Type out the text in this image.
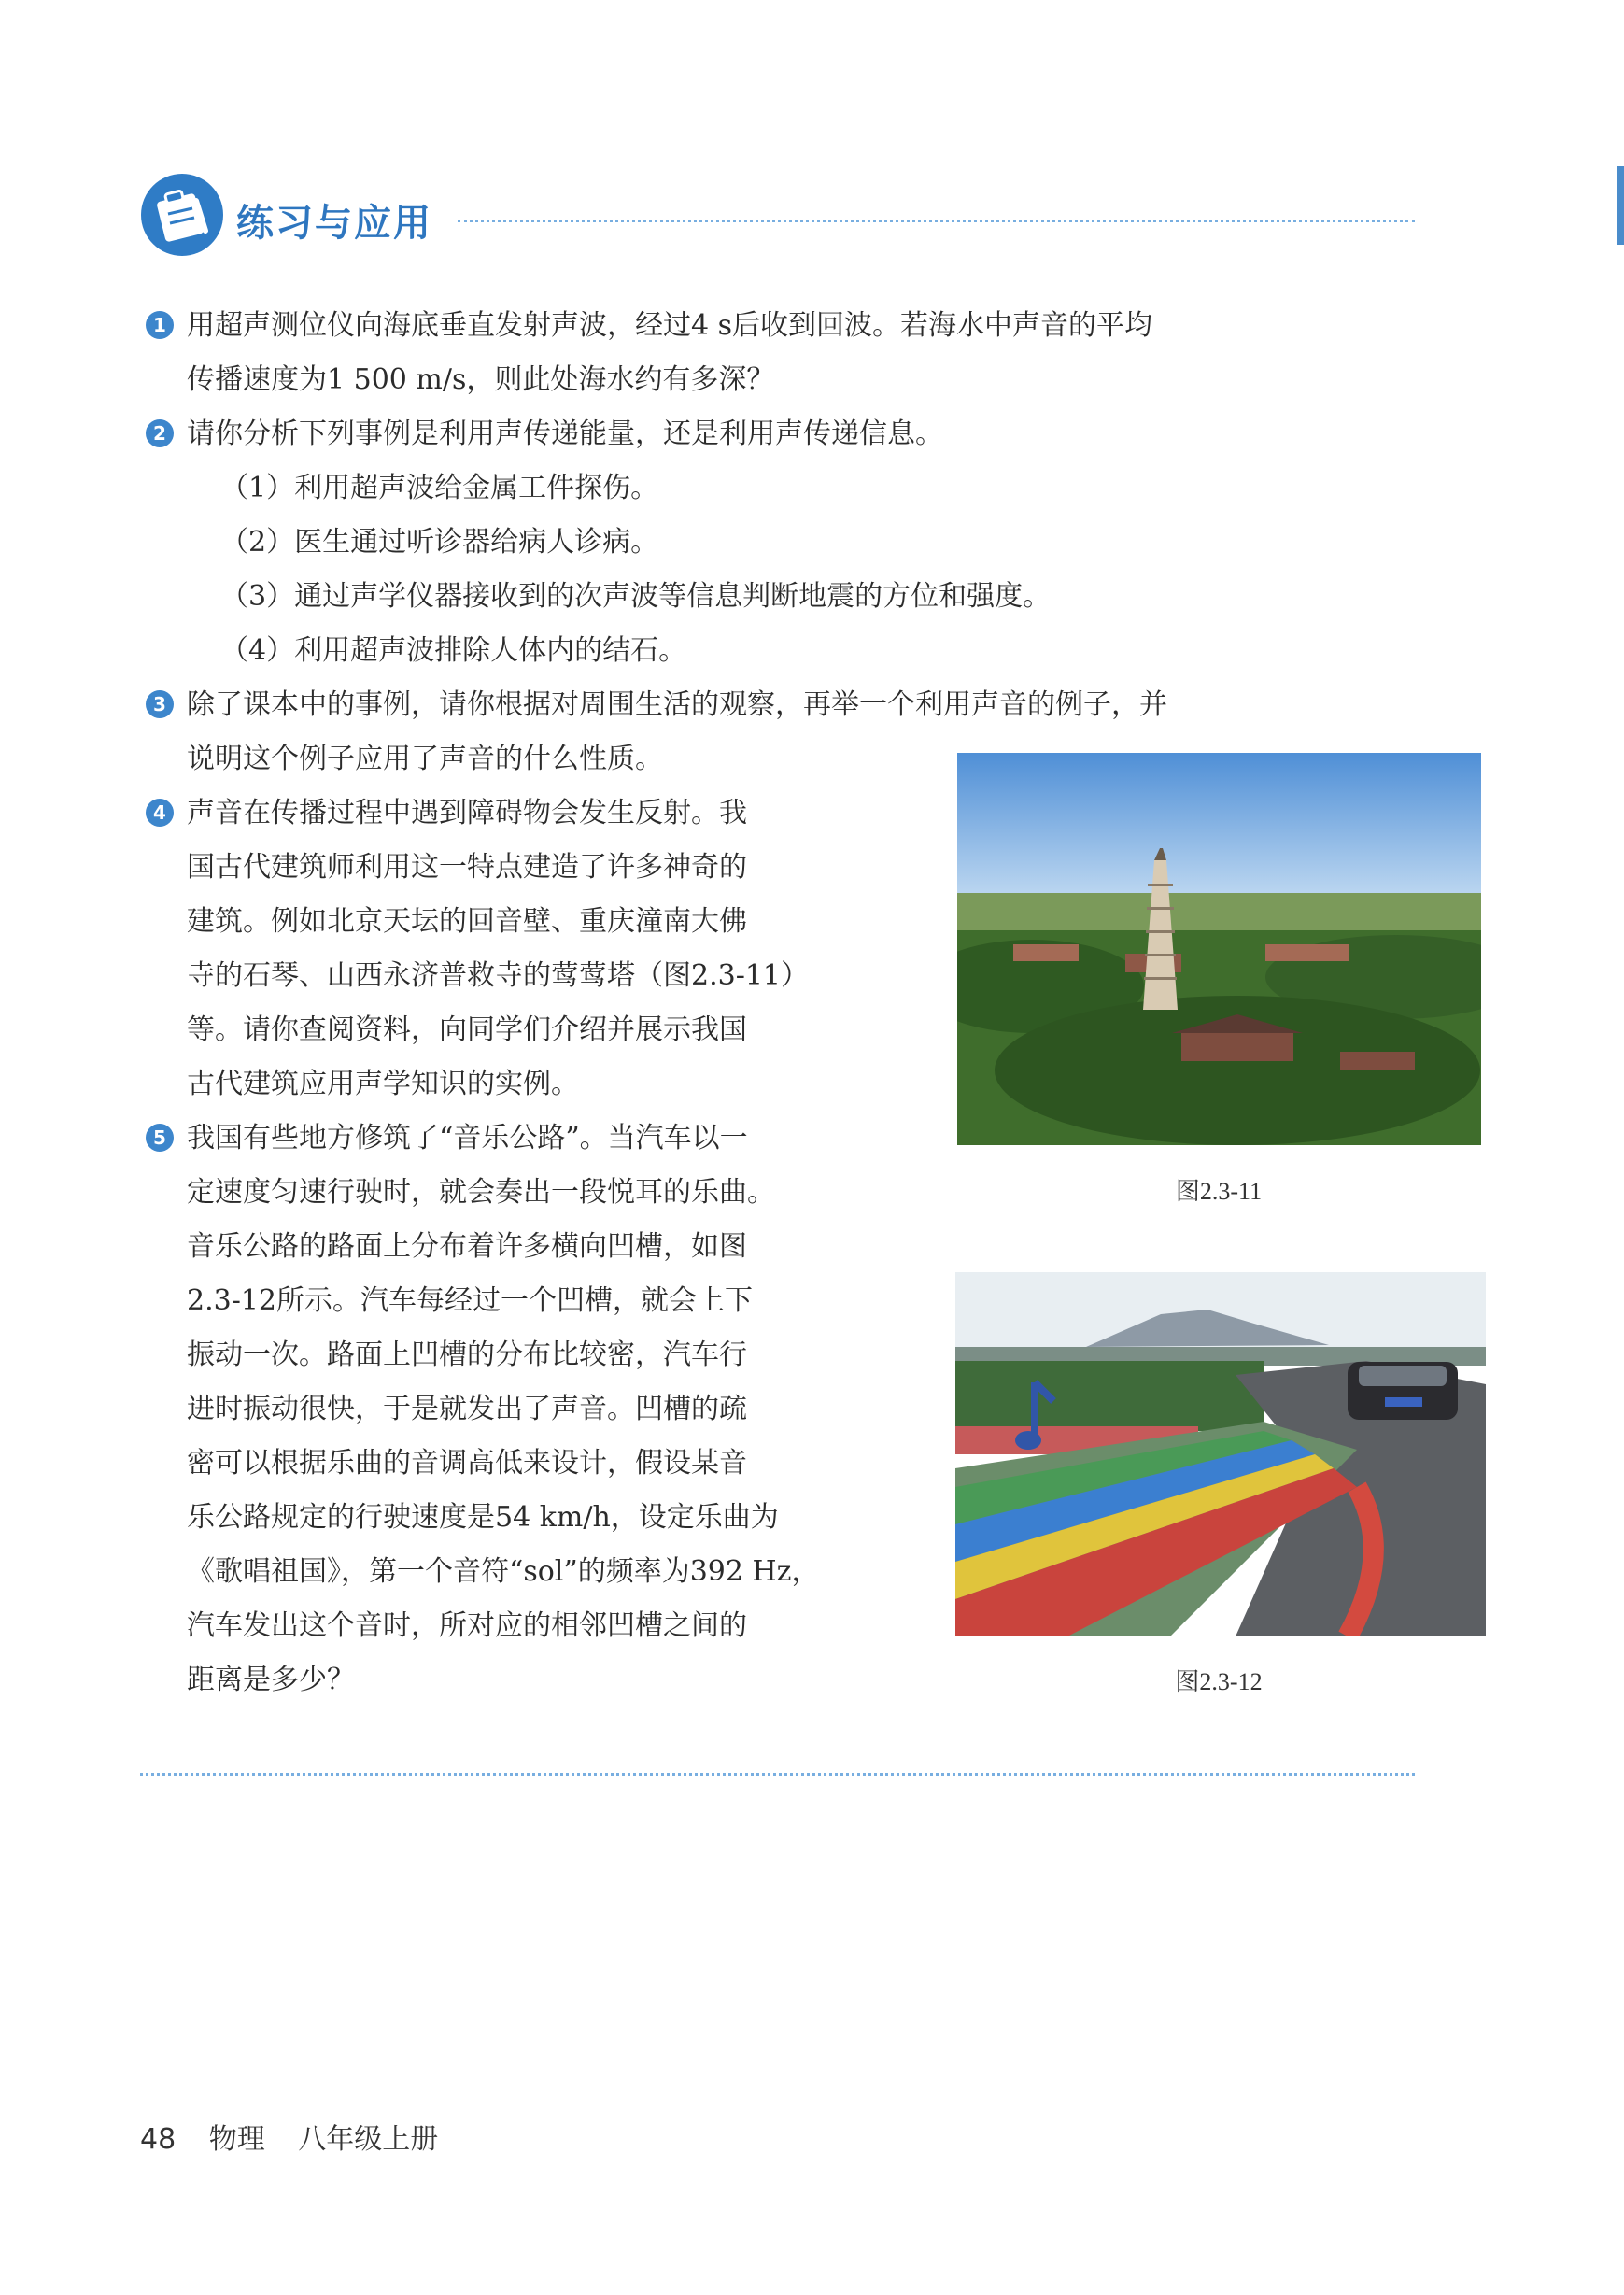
练习与应用
1 用超声测位仪向海底垂直发射声波，经过4 s后收到回波。若海水中声音的平均
传播速度为1 500 m/s，则此处海水约有多深？
2 请你分析下列事例是利用声传递能量，还是利用声传递信息。
（1）利用超声波给金属工件探伤。
（2）医生通过听诊器给病人诊病。
（3）通过声学仪器接收到的次声波等信息判断地震的方位和强度。
（4）利用超声波排除人体内的结石。
3 除了课本中的事例，请你根据对周围生活的观察，再举一个利用声音的例子，并
说明这个例子应用了声音的什么性质。
4 声音在传播过程中遇到障碍物会发生反射。我
国古代建筑师利用这一特点建造了许多神奇的
建筑。例如北京天坛的回音壁、重庆潼南大佛
寺的石琴、山西永济普救寺的莺莺塔（图2.3-11）
等。请你查阅资料，向同学们介绍并展示我国
古代建筑应用声学知识的实例。
5 我国有些地方修筑了“音乐公路”。当汽车以一
定速度匀速行驶时，就会奏出一段悦耳的乐曲。
音乐公路的路面上分布着许多横向凹槽，如图
2.3-12所示。汽车每经过一个凹槽，就会上下
振动一次。路面上凹槽的分布比较密，汽车行
进时振动很快，于是就发出了声音。凹槽的疏
密可以根据乐曲的音调高低来设计，假设某音
乐公路规定的行驶速度是54 km/h，设定乐曲为
《歌唱祖国》，第一个音符“sol”的频率为392 Hz，
汽车发出这个音时，所对应的相邻凹槽之间的
距离是多少？
图2.3-11
图2.3-12
48 物理 八年级上册
